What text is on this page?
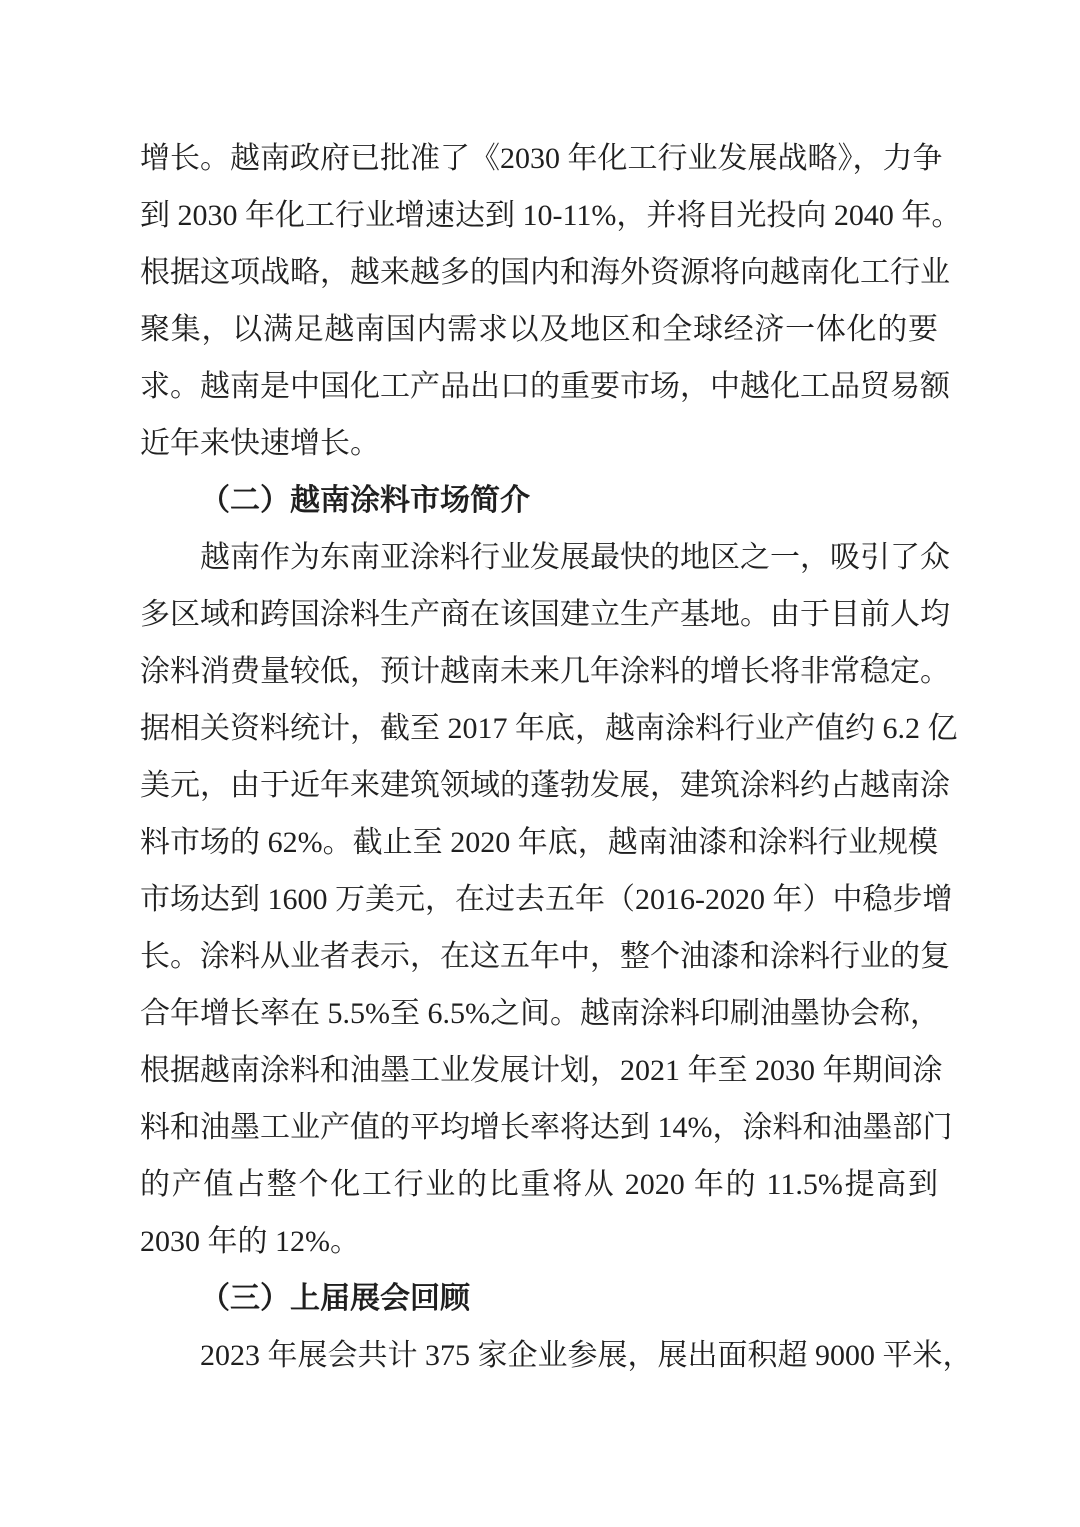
增长。越南政府已批准了《2030 年化工行业发展战略》，力争
到 2030 年化工行业增速达到 10-11%，并将目光投向 2040 年。
根据这项战略，越来越多的国内和海外资源将向越南化工行业
聚集，以满足越南国内需求以及地区和全球经济一体化的要
求。越南是中国化工产品出口的重要市场，中越化工品贸易额
近年来快速增长。
（二）越南涂料市场简介
越南作为东南亚涂料行业发展最快的地区之一，吸引了众
多区域和跨国涂料生产商在该国建立生产基地。由于目前人均
涂料消费量较低，预计越南未来几年涂料的增长将非常稳定。
据相关资料统计，截至 2017 年底，越南涂料行业产值约 6.2 亿
美元，由于近年来建筑领域的蓬勃发展，建筑涂料约占越南涂
料市场的 62%。截止至 2020 年底，越南油漆和涂料行业规模
市场达到 1600 万美元，在过去五年（2016-2020 年）中稳步增
长。涂料从业者表示，在这五年中，整个油漆和涂料行业的复
合年增长率在 5.5%至 6.5%之间。越南涂料印刷油墨协会称，
根据越南涂料和油墨工业发展计划，2021 年至 2030 年期间涂
料和油墨工业产值的平均增长率将达到 14%，涂料和油墨部门
的产值占整个化工行业的比重将从 2020 年的 11.5%提高到
2030 年的 12%。
（三）上届展会回顾
2023 年展会共计 375 家企业参展，展出面积超 9000 平米，
